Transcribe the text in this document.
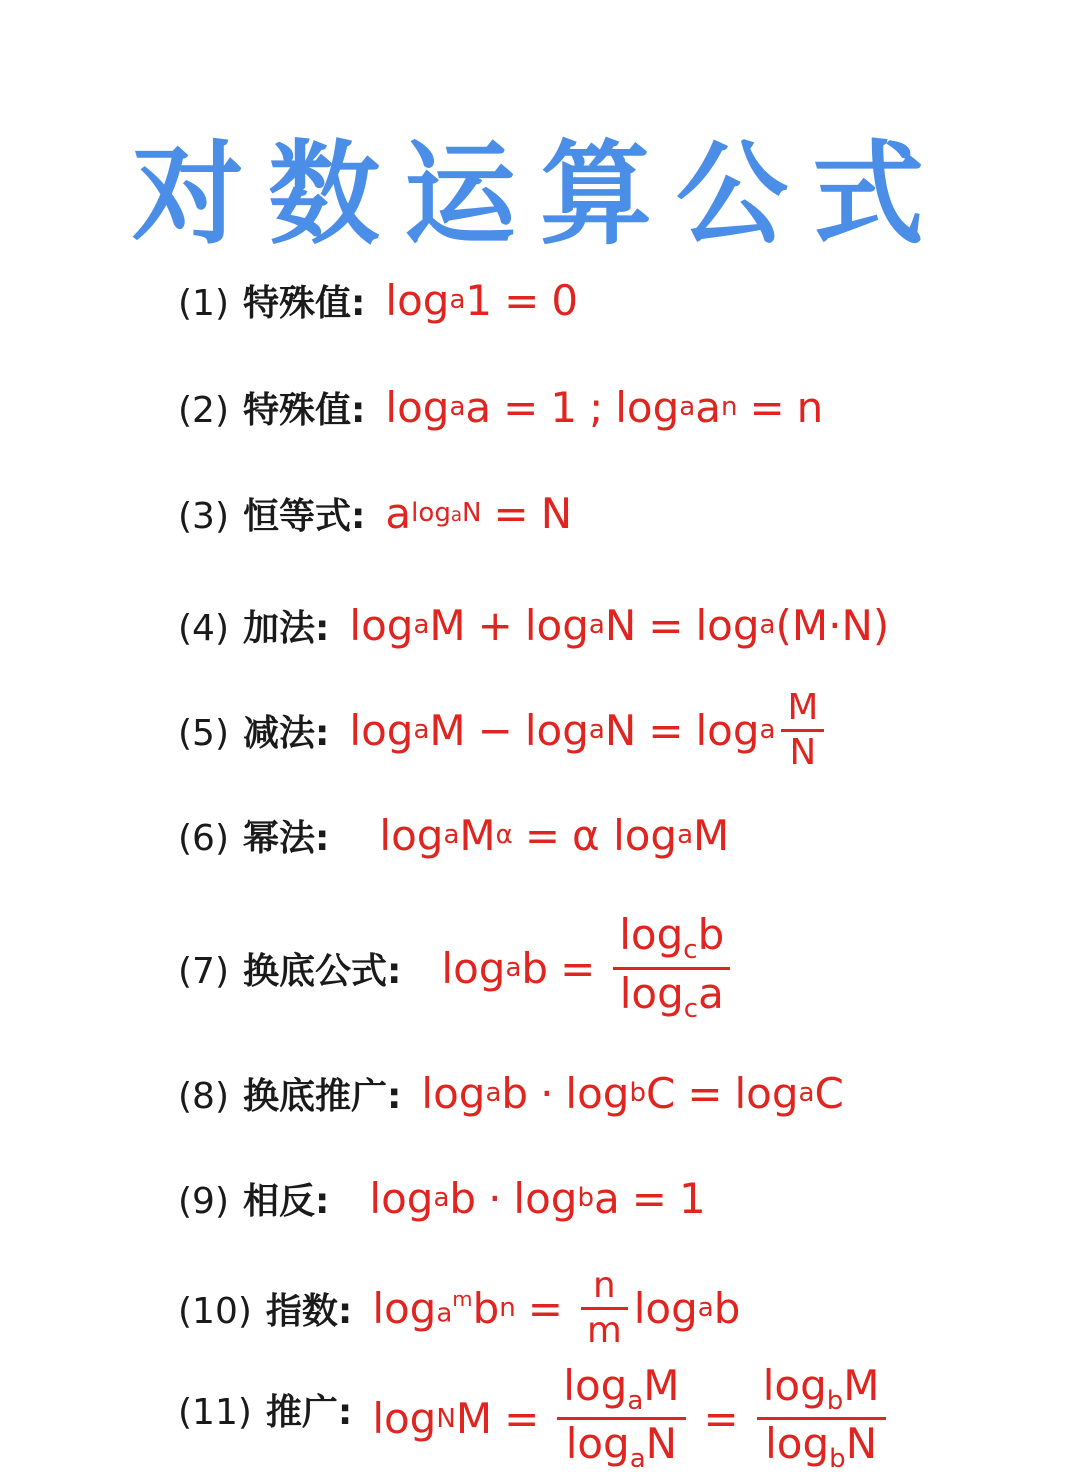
对数运算公式
(1) 特殊值: log a 1 = 0
(2) 特殊值: log a a = 1 ; log a a n = n
(3) 恒等式: a logaN = N
(4) 加法: log a M + log a N = log a ( M · N )
(5) 减法: log a M − log a N = log a $\frac{M}{N}$
(6) 幂法: log a M α = α
log a M
(7) 换底公式: log a $b = \frac{\log_cb}{\log_ca}$
(8) 换底推广: log a b · log b C = log a C
(9) 相反: log a b · log b a = 1
(10) 指数: $\log a^m$ b $n = \frac{n}{m}$ log a b
(11) 推广: log N $M = \frac{\log_aM}{\log_aN} = \frac{\log_bM}{\log_bN}$
